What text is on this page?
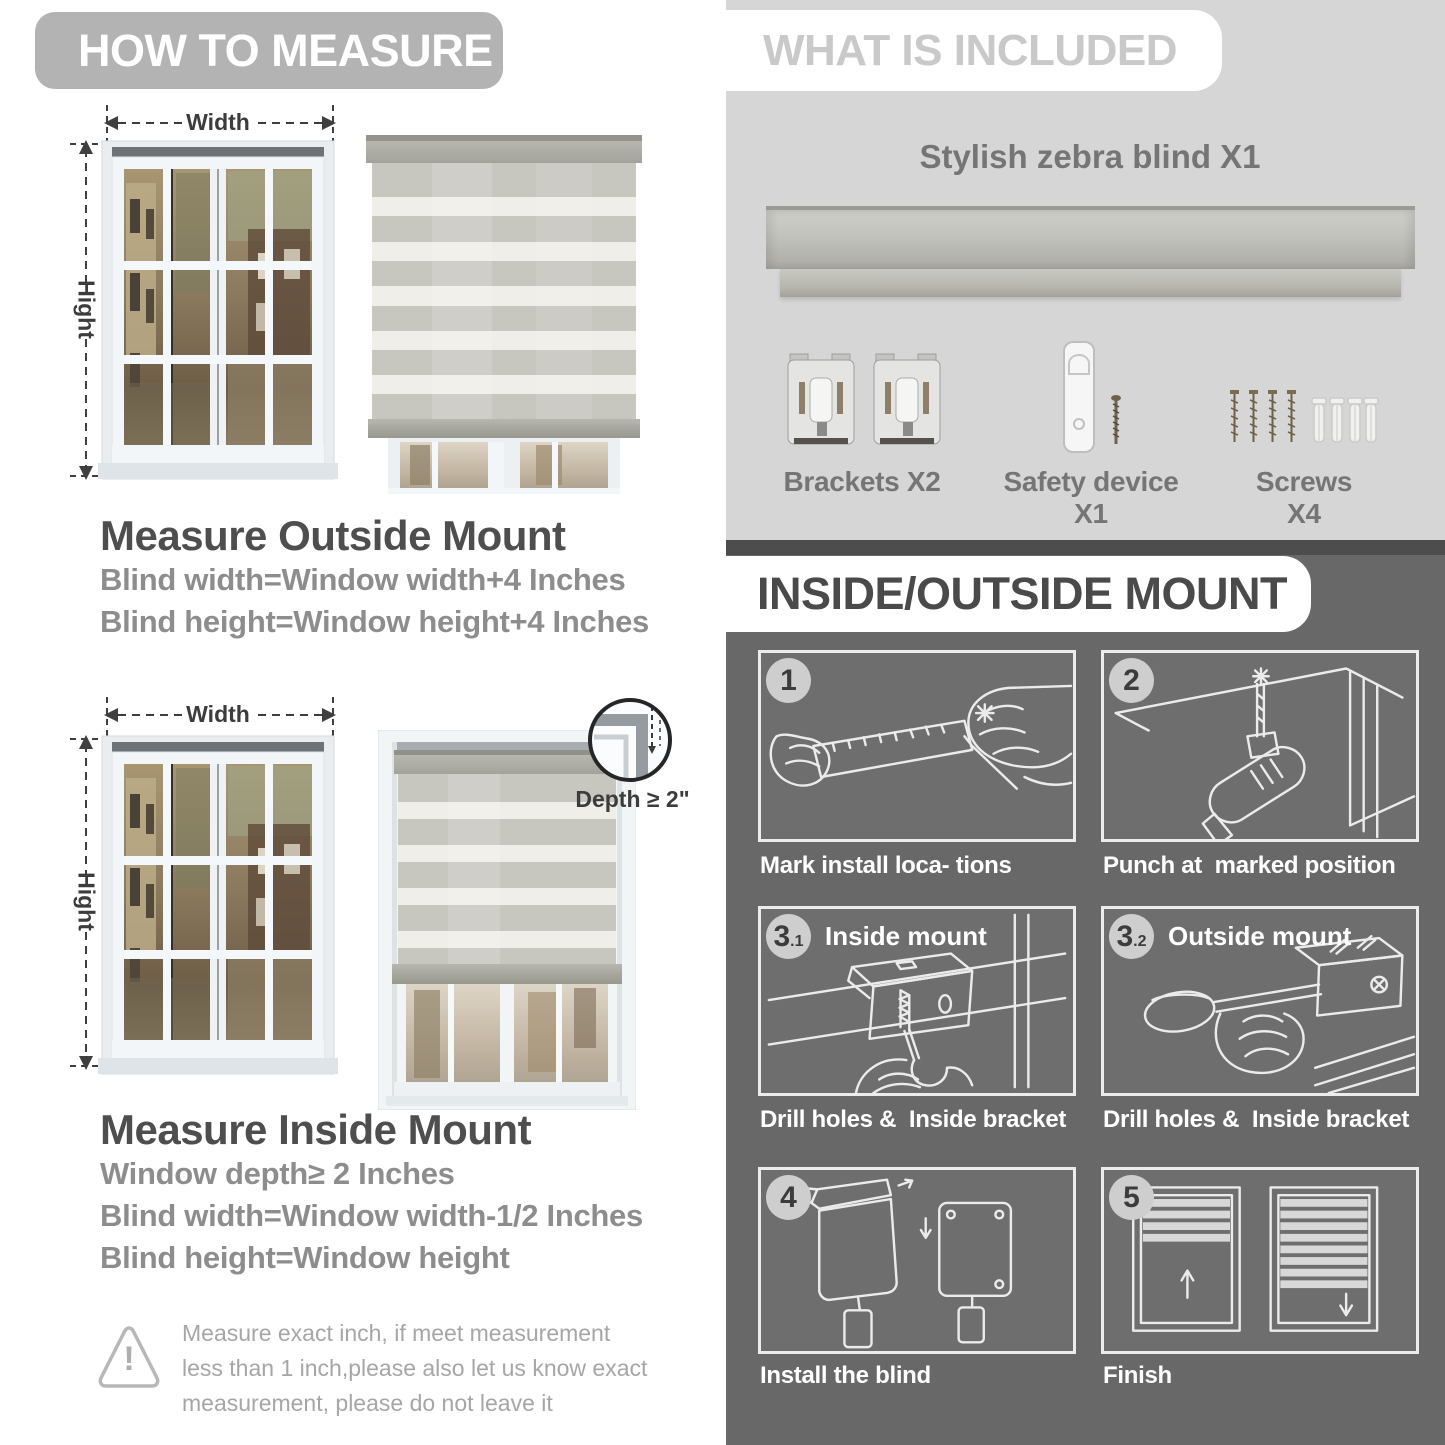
HOW TO MEASURE
Width
Hight
Measure Outside Mount
Blind width=Window width+4 Inches
Blind height=Window height+4 Inches
Width
Hight
Depth ≥ 2"
Measure Inside Mount
Window depth≥ 2 Inches
Blind width=Window width-1/2 Inches
Blind height=Window height
!
Measure exact inch, if meet measurement less than 1 inch,please also let us know exact measurement, please do not leave it
WHAT IS INCLUDED
Stylish zebra blind X1
Brackets X2	Safety device X1
Screws X4
INSIDE/OUTSIDE MOUNT
1	2
Mark install loca- tions	Punch at  marked position
3 .1 Inside mount	3 .2 Outside mount
Drill holes &  Inside bracket	Drill holes &  Inside bracket
4	5
Install the blind	Finish
